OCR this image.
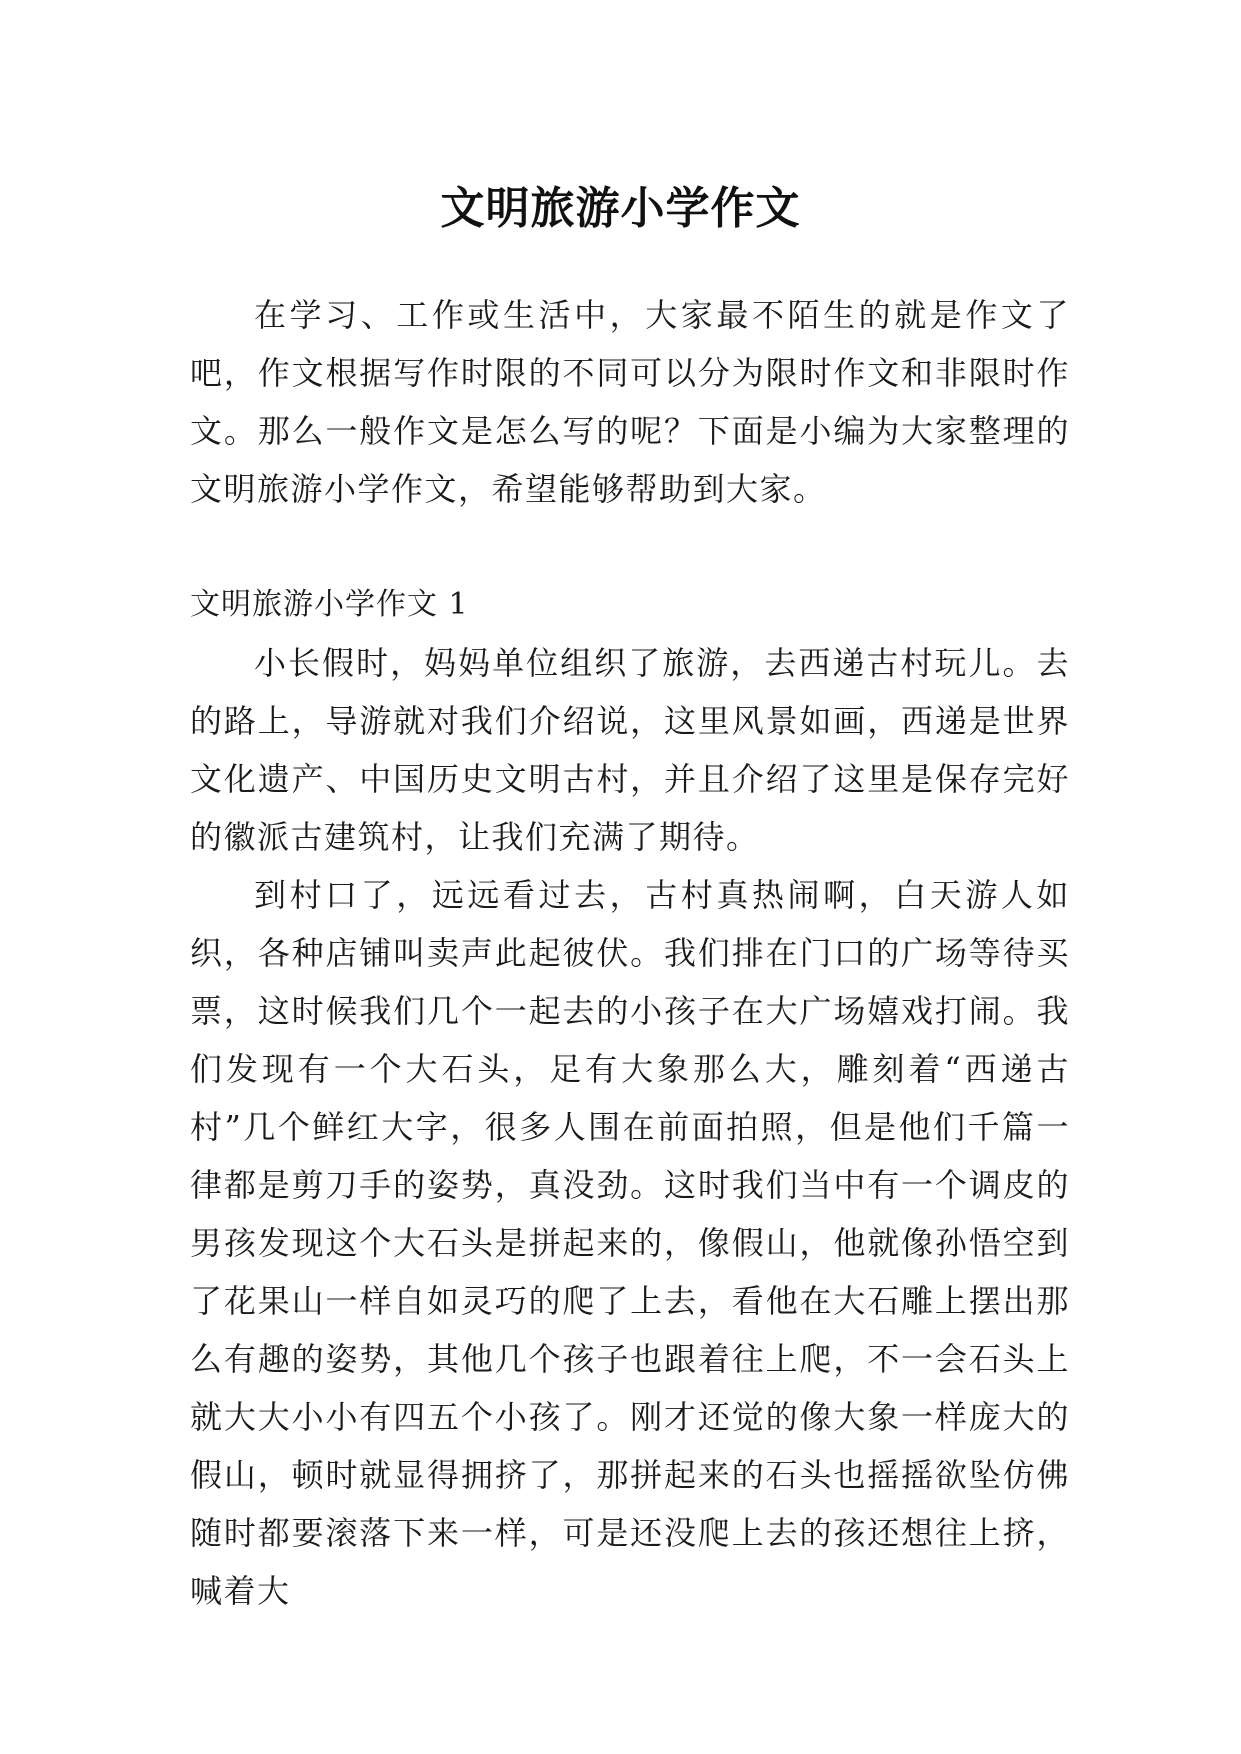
文明旅游小学作文

在学习、工作或生活中，大家最不陌生的就是作文了吧，作文根据写作时限的不同可以分为限时作文和非限时作文。那么一般作文是怎么写的呢？下面是小编为大家整理的文明旅游小学作文，希望能够帮助到大家。

文明旅游小学作文 1

小长假时，妈妈单位组织了旅游，去西递古村玩儿。去的路上，导游就对我们介绍说，这里风景如画，西递是世界文化遗产、中国历史文明古村，并且介绍了这里是保存完好的徽派古建筑村，让我们充满了期待。

到村口了，远远看过去，古村真热闹啊，白天游人如织，各种店铺叫卖声此起彼伏。我们排在门口的广场等待买票，这时候我们几个一起去的小孩子在大广场嬉戏打闹。我们发现有一个大石头，足有大象那么大，雕刻着“西递古村”几个鲜红大字，很多人围在前面拍照，但是他们千篇一律都是剪刀手的姿势，真没劲。这时我们当中有一个调皮的男孩发现这个大石头是拼起来的，像假山，他就像孙悟空到了花果山一样自如灵巧的爬了上去，看他在大石雕上摆出那么有趣的姿势，其他几个孩子也跟着往上爬，不一会石头上就大大小小有四五个小孩了。刚才还觉的像大象一样庞大的假山，顿时就显得拥挤了，那拼起来的石头也摇摇欲坠仿佛随时都要滚落下来一样，可是还没爬上去的孩还想往上挤，喊着大
